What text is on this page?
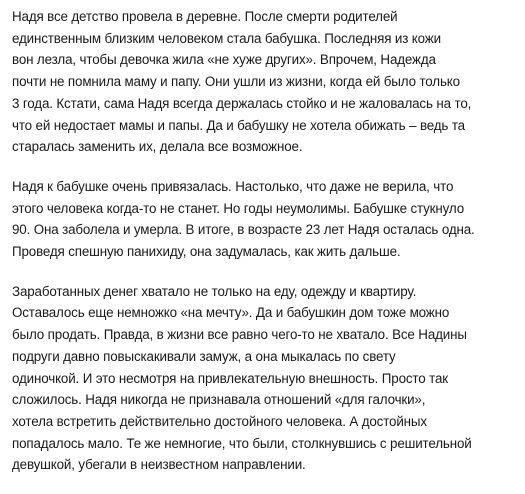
Надя все детство провела в деревне. После смерти родителей
единственным близким человеком стала бабушка. Последняя из кожи
вон лезла, чтобы девочка жила «не хуже других». Впрочем, Надежда
почти не помнила маму и папу. Они ушли из жизни, когда ей было только
3 года. Кстати, сама Надя всегда держалась стойко и не жаловалась на то,
что ей недостает мамы и папы. Да и бабушку не хотела обижать – ведь та
старалась заменить их, делала все возможное.

Надя к бабушке очень привязалась. Настолько, что даже не верила, что
этого человека когда-то не станет. Но годы неумолимы. Бабушке стукнуло
90. Она заболела и умерла. В итоге, в возрасте 23 лет Надя осталась одна.
Проведя спешную панихиду, она задумалась, как жить дальше.

Заработанных денег хватало не только на еду, одежду и квартиру.
Оставалось еще немножко «на мечту». Да и бабушкин дом тоже можно
было продать. Правда, в жизни все равно чего-то не хватало. Все Надины
подруги давно повыскакивали замуж, а она мыкалась по свету
одиночкой. И это несмотря на привлекательную внешность. Просто так
сложилось. Надя никогда не признавала отношений «для галочки»,
хотела встретить действительно достойного человека. А достойных
попадалось мало. Те же немногие, что были, столкнувшись с решительной
девушкой, убегали в неизвестном направлении.
